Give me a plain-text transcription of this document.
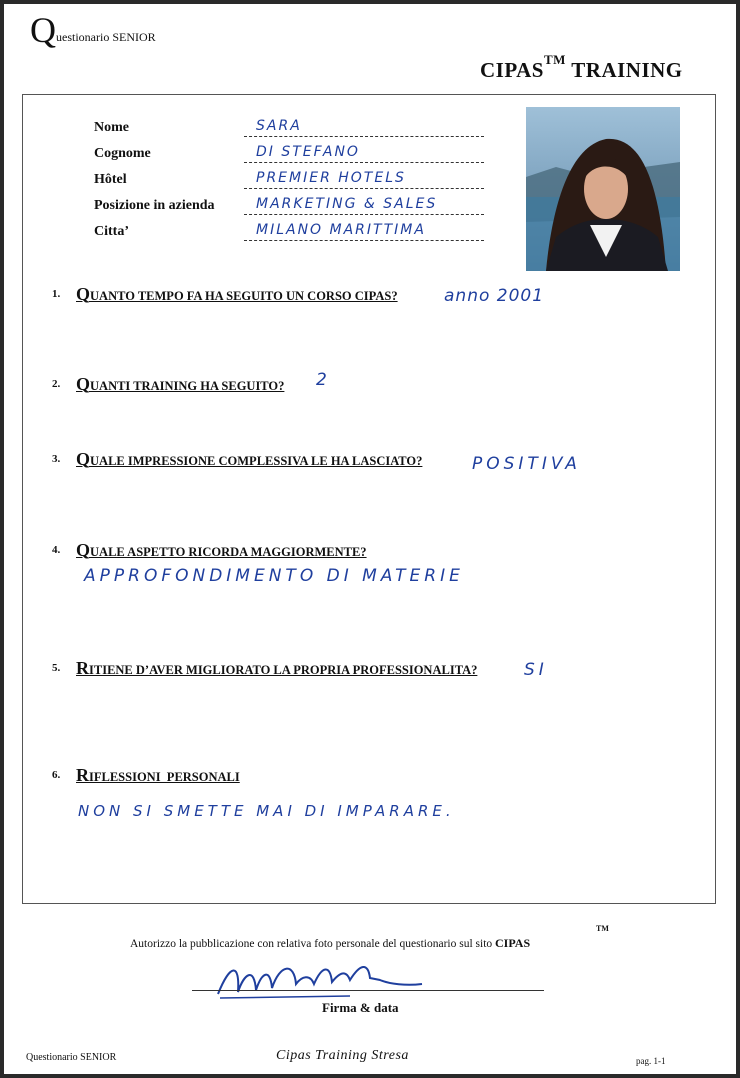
Q uestionario SENIOR
CIPAS™ TRAINING
Nome	SARA
Cognome	DI STEFANO
Hôtel	PREMIER HOTELS
Posizione in azienda	MARKETING & SALES
Citta’	MILANO MARITTIMA
1. QUANTO TEMPO FA HA SEGUITO UN CORSO CIPAS?	anno 2001
2. QUANTI TRAINING HA SEGUITO? 2
3. QUALE IMPRESSIONE COMPLESSIVA LE HA LASCIATO?	POSITIVA
4. QUALE ASPETTO RICORDA MAGGIORMENTE?
APPROFONDIMENTO DI MATERIE
5. RITIENE D’AVER MIGLIORATO LA PROPRIA PROFESSIONALITA?	SI
6. RIFLESSIONI  PERSONALI
NON SI SMETTE MAI DI IMPARARE.
Autorizzo la pubblicazione con relativa foto personale del questionario sul sito CIPAS
TM
Firma & data
Questionario SENIOR	Cipas Training Stresa	pag. 1-1
